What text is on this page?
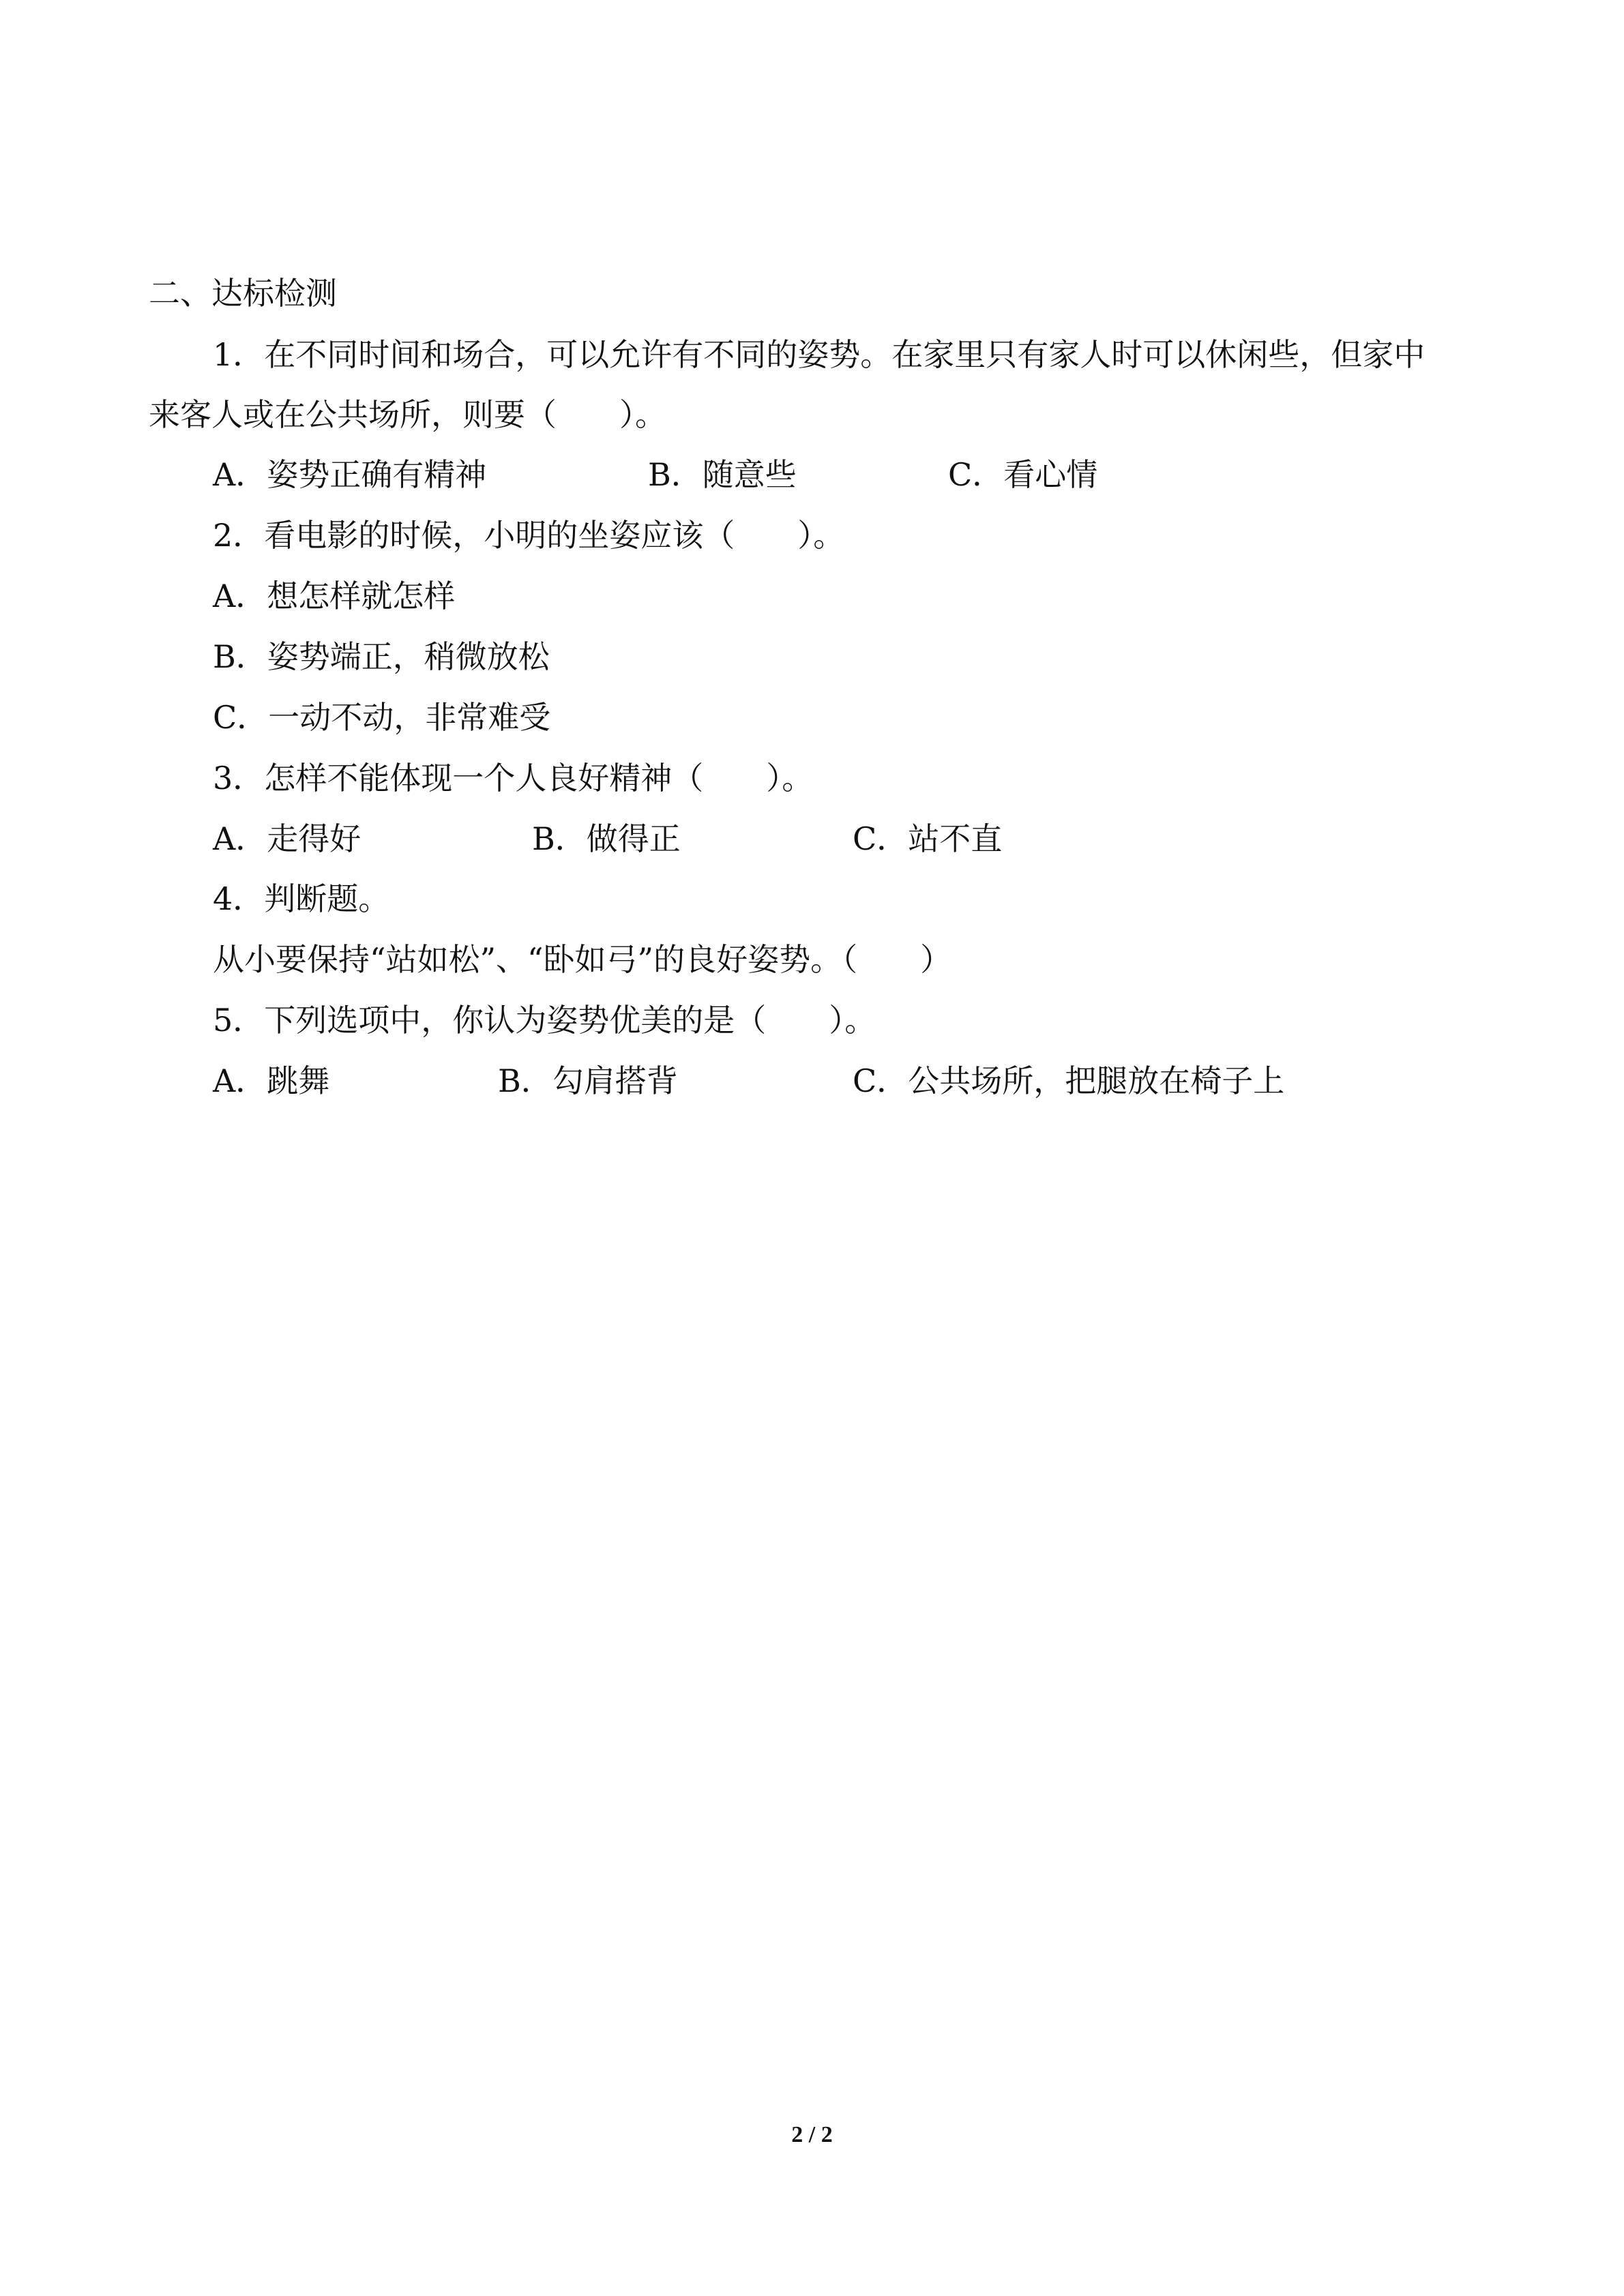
二、达标检测
1．在不同时间和场合，可以允许有不同的姿势。在家里只有家人时可以休闲些，但家中
来客人或在公共场所，则要（　　）。
A．姿势正确有精神	B．随意些	C．看心情
2．看电影的时候，小明的坐姿应该（　　）。
A．想怎样就怎样
B．姿势端正，稍微放松
C．一动不动，非常难受
3．怎样不能体现一个人良好精神（　　）。
A．走得好	B．做得正	C．站不直
4．判断题。
从小要保持“站如松”、“卧如弓”的良好姿势。（　　）
5．下列选项中，你认为姿势优美的是（　　）。
A．跳舞	B．勾肩搭背	C．公共场所，把腿放在椅子上
2 / 2
